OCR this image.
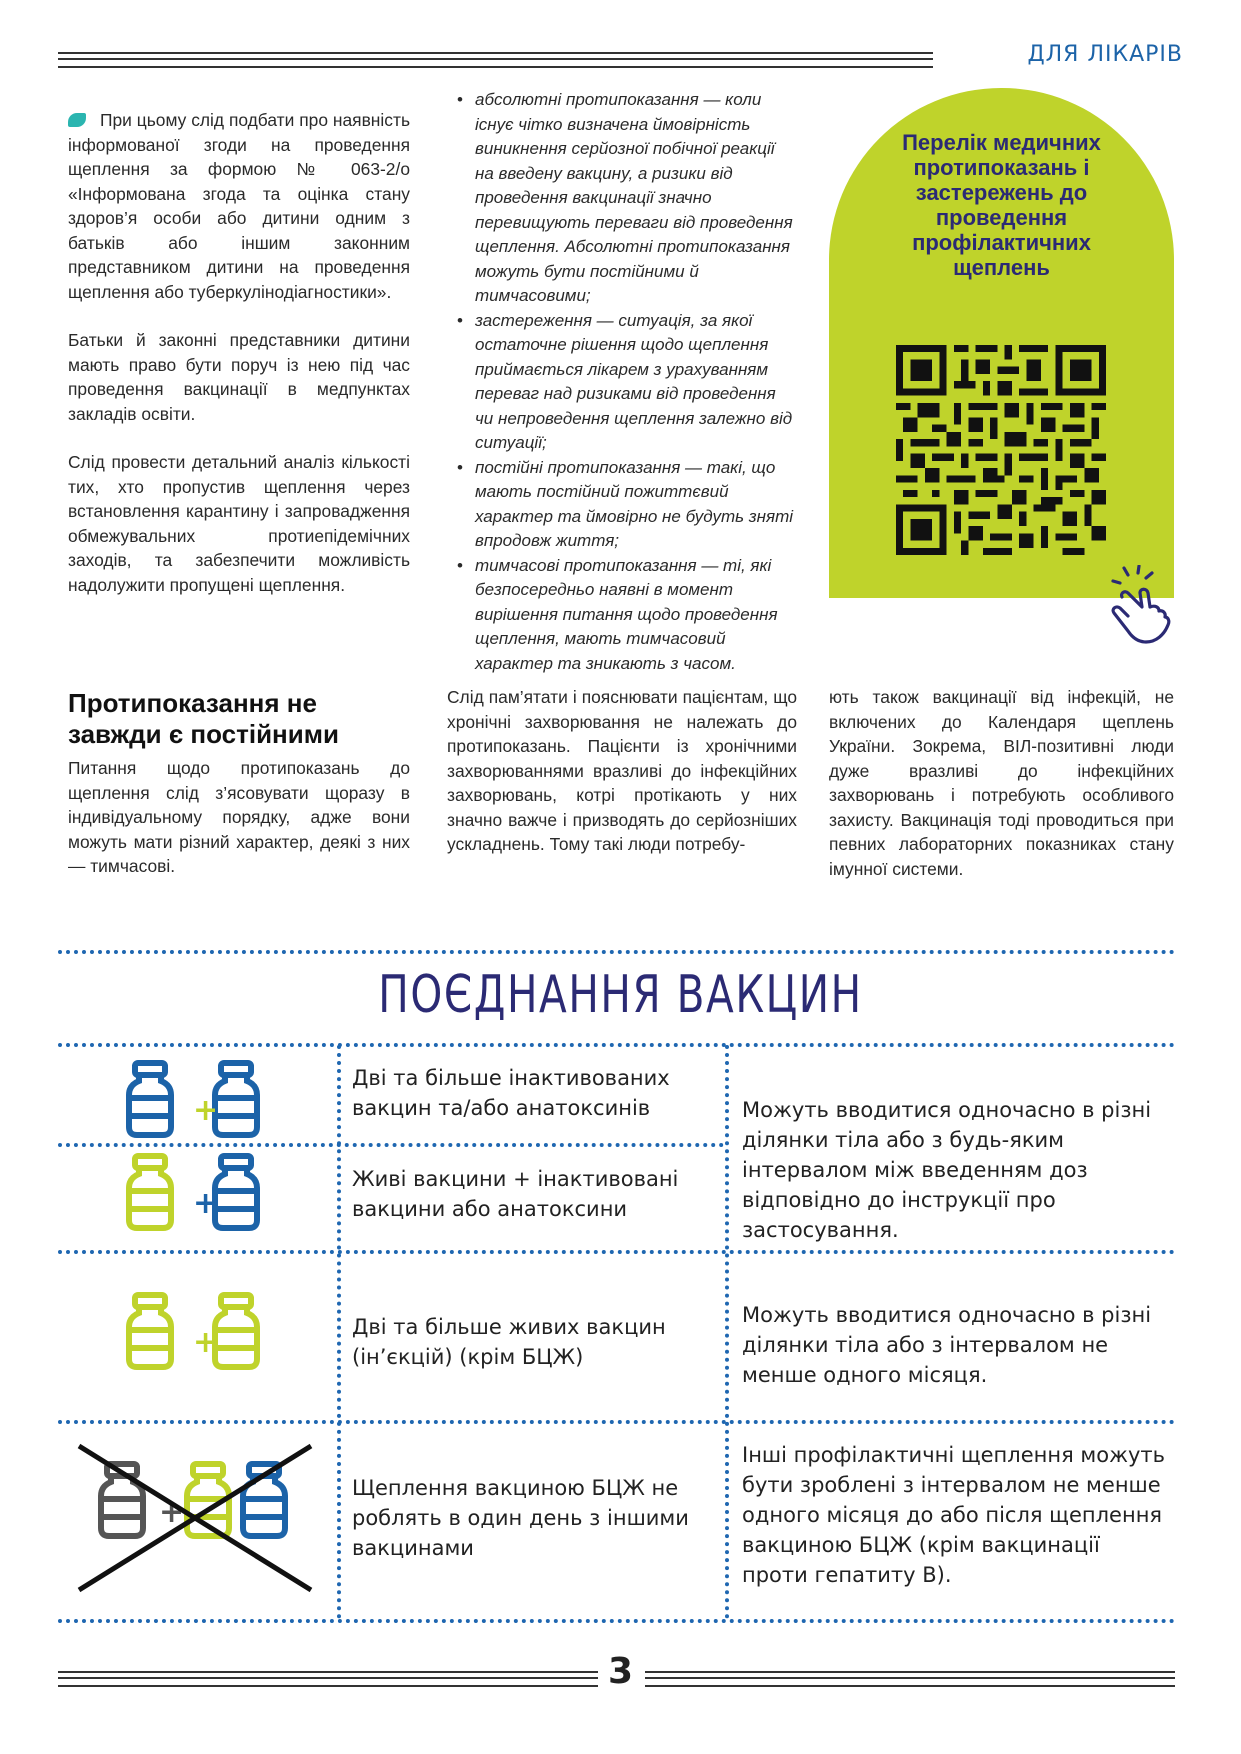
ДЛЯ ЛІКАРІВ

При цьому слід подбати про наявність інформованої згоди на проведення щеплення за формою № 063-2/о «Інформована згода та оцінка стану здоров’я особи або дитини одним з батьків або іншим законним представником дитини на проведення щеплення або туберкулінодіагностики».

Батьки й законні представники дитини мають право бути поруч із нею під час проведення вакцинації в медпунктах закладів освіти.

Слід провести детальний аналіз кількості тих, хто пропустив щеплення через встановлення карантину і запровадження обмежувальних протиепідемічних заходів, та забезпечити можливість надолужити пропущені щеплення.

Протипоказання не завжди є постійними

Питання щодо протипоказань до щеплення слід з’ясовувати щоразу в індивідуальному порядку, адже вони можуть мати різний характер, деякі з них — тимчасові.

• абсолютні протипоказання — коли існує чітко визначена ймовірність виникнення серйозної побічної реакції на введену вакцину, а ризики від проведення вакцинації значно перевищують переваги від проведення щеплення. Абсолютні протипоказання можуть бути постійними й тимчасовими;
• застереження — ситуація, за якої остаточне рішення щодо щеплення приймається лікарем з урахуванням переваг над ризиками від проведення чи непроведення щеплення залежно від ситуації;
• постійні протипоказання — такі, що мають постійний пожиттєвий характер та ймовірно не будуть зняті впродовж життя;
• тимчасові протипоказання — ті, які безпосередньо наявні в момент вирішення питання щодо проведення щеплення, мають тимчасовий характер та зникають з часом.

Слід пам’ятати і пояснювати пацієнтам, що хронічні захворювання не належать до протипоказань. Пацієнти із хронічними захворюваннями вразливі до інфекційних захворювань, котрі протікають у них значно важче і призводять до серйозніших ускладнень. Тому такі люди потребу-

ють також вакцинації від інфекцій, не включених до Календаря щеплень України. Зокрема, ВІЛ-позитивні люди дуже вразливі до інфекційних захворювань і потребують особливого захисту. Вакцинація тоді проводиться при певних лабораторних показниках стану імунної системи.

Перелік медичних протипоказань і застережень до проведення профілактичних щеплень
ПОЄДНАННЯ ВАКЦИН
+
+
+
+
Дві та більше інактивованих вакцин та/або анатоксинів
Живі вакцини + інактивовані вакцини або анатоксини
Дві та більше живих вакцин (ін’єкцій) (крім БЦЖ)
Щеплення вакциною БЦЖ не роблять в один день з іншими вакцинами
Можуть вводитися одночасно в різні ділянки тіла або з будь-яким інтервалом між введенням доз відповідно до інструкції про застосування.
Можуть вводитися одночасно в різні ділянки тіла або з інтервалом не менше одного місяця.
Інші профілактичні щеплення можуть бути зроблені з інтервалом не менше одного місяця до або після щеплення вакциною БЦЖ (крім вакцинації проти гепатиту В).
3
